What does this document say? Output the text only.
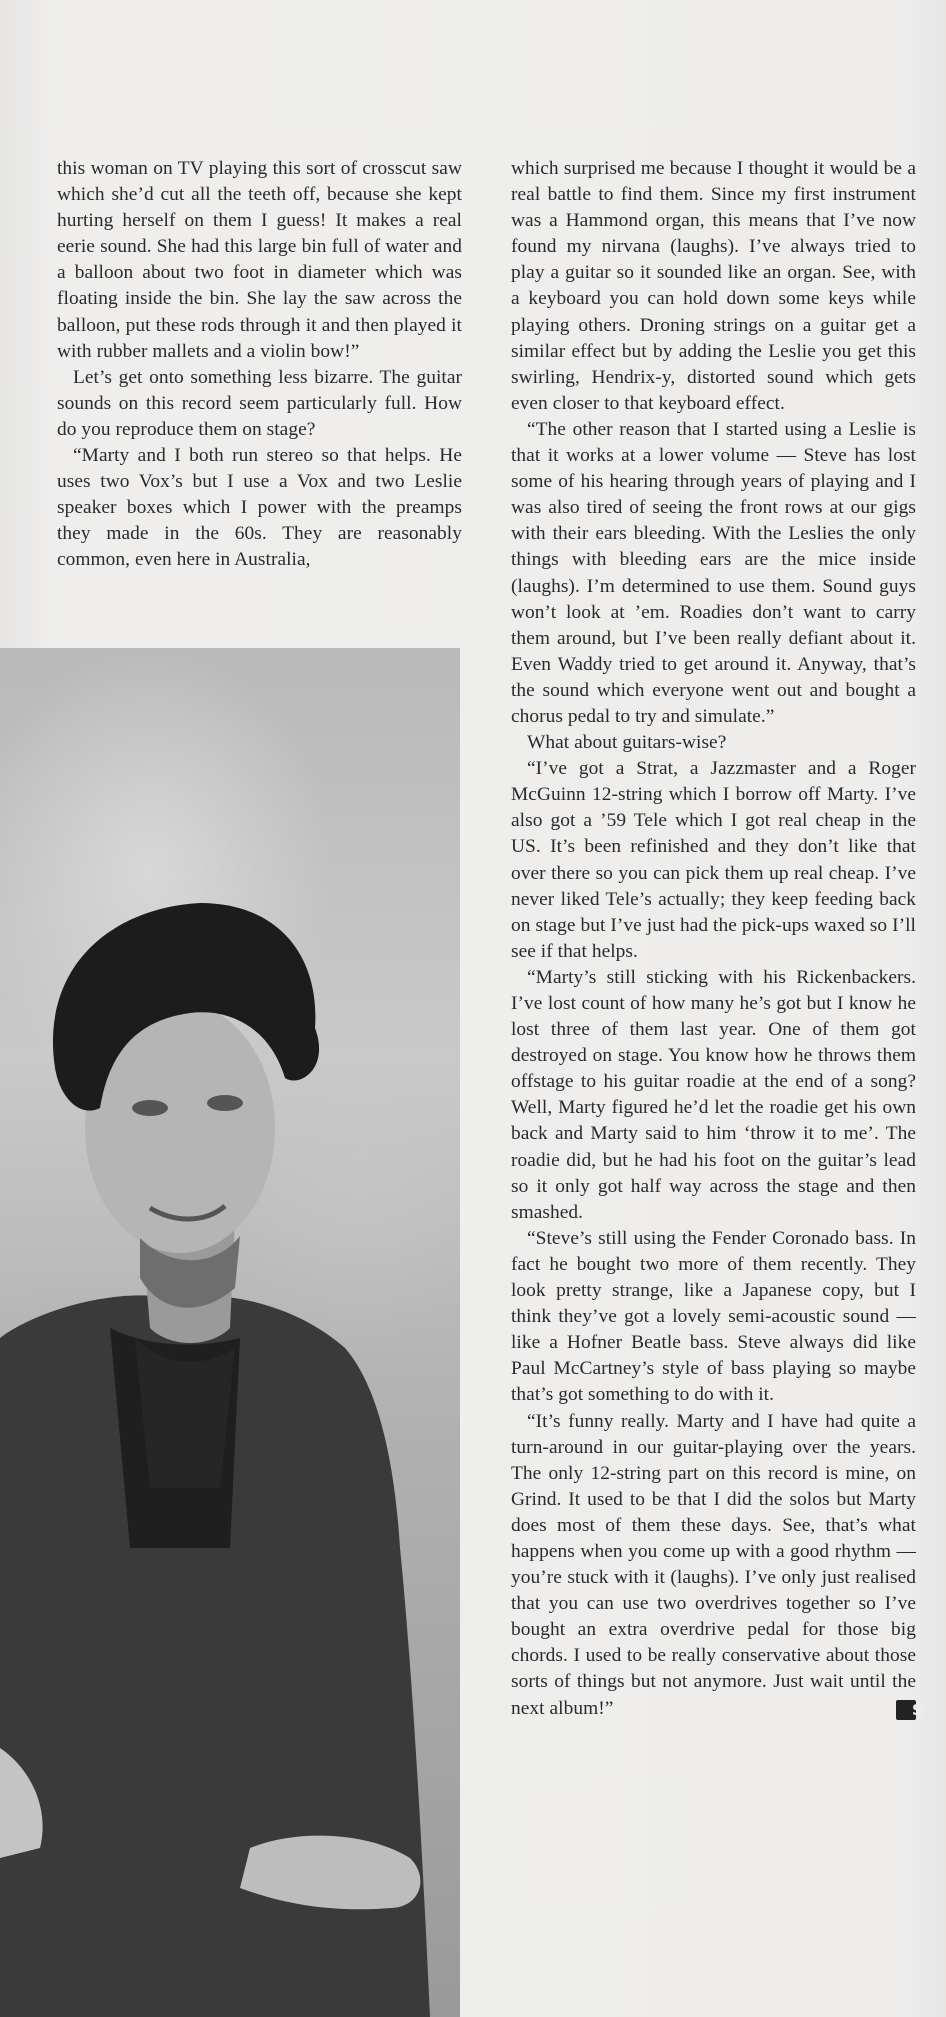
this woman on TV playing this sort of crosscut saw which she’d cut all the teeth off, because she kept hurting herself on them I guess! It makes a real eerie sound. She had this large bin full of water and a balloon about two foot in diameter which was floating inside the bin. She lay the saw across the balloon, put these rods through it and then played it with rubber mallets and a violin bow!”

Let’s get onto something less bizarre. The guitar sounds on this record seem particularly full. How do you reproduce them on stage?

“Marty and I both run stereo so that helps. He uses two Vox’s but I use a Vox and two Leslie speaker boxes which I power with the preamps they made in the 60s. They are reasonably common, even here in Australia,

which surprised me because I thought it would be a real battle to find them. Since my first instrument was a Hammond organ, this means that I’ve now found my nirvana (laughs). I’ve always tried to play a guitar so it sounded like an organ. See, with a keyboard you can hold down some keys while playing others. Droning strings on a guitar get a similar effect but by adding the Leslie you get this swirling, Hendrix-y, distorted sound which gets even closer to that keyboard effect.

“The other reason that I started using a Leslie is that it works at a lower volume — Steve has lost some of his hearing through years of playing and I was also tired of seeing the front rows at our gigs with their ears bleeding. With the Leslies the only things with bleeding ears are the mice inside (laughs). I’m determined to use them. Sound guys won’t look at ’em. Roadies don’t want to carry them around, but I’ve been really defiant about it. Even Waddy tried to get around it. Anyway, that’s the sound which everyone went out and bought a chorus pedal to try and simulate.”

What about guitars-wise?

“I’ve got a Strat, a Jazzmaster and a Roger McGuinn 12-string which I borrow off Marty. I’ve also got a ’59 Tele which I got real cheap in the US. It’s been refinished and they don’t like that over there so you can pick them up real cheap. I’ve never liked Tele’s actually; they keep feeding back on stage but I’ve just had the pick-ups waxed so I’ll see if that helps.

“Marty’s still sticking with his Rickenbackers. I’ve lost count of how many he’s got but I know he lost three of them last year. One of them got destroyed on stage. You know how he throws them offstage to his guitar roadie at the end of a song? Well, Marty figured he’d let the roadie get his own back and Marty said to him ‘throw it to me’. The roadie did, but he had his foot on the guitar’s lead so it only got half way across the stage and then smashed.

“Steve’s still using the Fender Coronado bass. In fact he bought two more of them recently. They look pretty strange, like a Japanese copy, but I think they’ve got a lovely semi-acoustic sound — like a Hofner Beatle bass. Steve always did like Paul McCartney’s style of bass playing so maybe that’s got something to do with it.

“It’s funny really. Marty and I have had quite a turn-around in our guitar-playing over the years. The only 12-string part on this record is mine, on Grind. It used to be that I did the solos but Marty does most of them these days. See, that’s what happens when you come up with a good rhythm — you’re stuck with it (laughs). I’ve only just realised that you can use two overdrives together so I’ve bought an extra overdrive pedal for those big chords. I used to be really conservative about those sorts of things but not anymore. Just wait until the next album!”	S
